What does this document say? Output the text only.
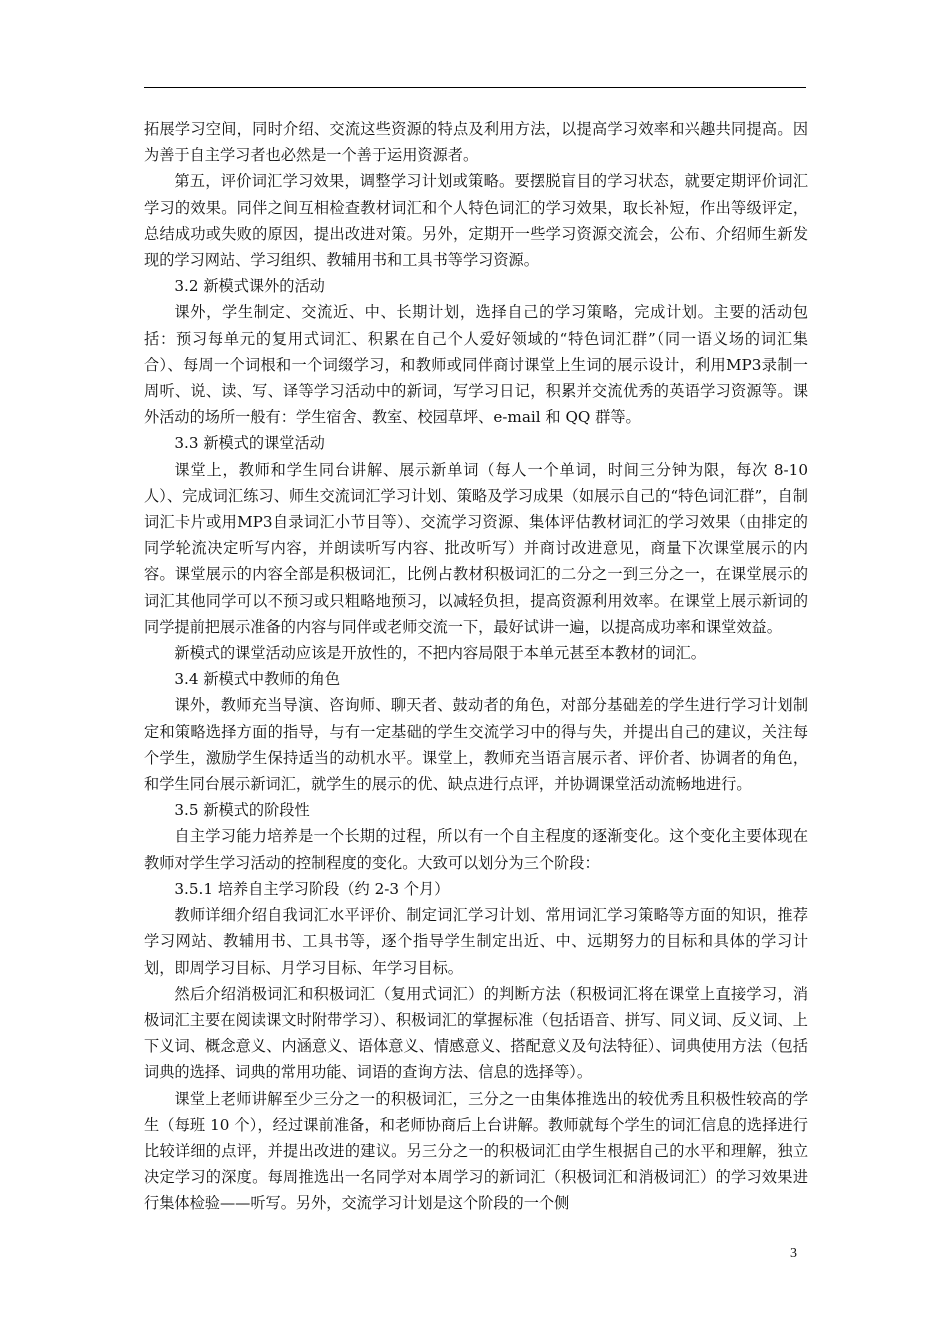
拓展学习空间，同时介绍、交流这些资源的特点及利用方法，以提高学习效率和兴趣共同提高。因为善于自主学习者也必然是一个善于运用资源者。

第五，评价词汇学习效果，调整学习计划或策略。要摆脱盲目的学习状态，就要定期评价词汇学习的效果。同伴之间互相检查教材词汇和个人特色词汇的学习效果，取长补短，作出等级评定，总结成功或失败的原因，提出改进对策。另外，定期开一些学习资源交流会，公布、介绍师生新发现的学习网站、学习组织、教辅用书和工具书等学习资源。

3.2 新模式课外的活动

课外，学生制定、交流近、中、长期计划，选择自己的学习策略，完成计划。主要的活动包括：预习每单元的复用式词汇、积累在自己个人爱好领域的“特色词汇群”（同一语义场的词汇集合）、每周一个词根和一个词缀学习，和教师或同伴商讨课堂上生词的展示设计，利用MP3录制一周听、说、读、写、译等学习活动中的新词，写学习日记，积累并交流优秀的英语学习资源等。课外活动的场所一般有：学生宿舍、教室、校园草坪、e-mail 和 QQ 群等。

3.3 新模式的课堂活动

课堂上，教师和学生同台讲解、展示新单词（每人一个单词，时间三分钟为限，每次 8-10 人）、完成词汇练习、师生交流词汇学习计划、策略及学习成果（如展示自己的“特色词汇群”，自制词汇卡片或用MP3自录词汇小节目等）、交流学习资源、集体评估教材词汇的学习效果（由排定的同学轮流决定听写内容，并朗读听写内容、批改听写）并商讨改进意见，商量下次课堂展示的内容。课堂展示的内容全部是积极词汇，比例占教材积极词汇的二分之一到三分之一，在课堂展示的词汇其他同学可以不预习或只粗略地预习，以减轻负担，提高资源利用效率。在课堂上展示新词的同学提前把展示准备的内容与同伴或老师交流一下，最好试讲一遍，以提高成功率和课堂效益。

新模式的课堂活动应该是开放性的，不把内容局限于本单元甚至本教材的词汇。

3.4 新模式中教师的角色

课外，教师充当导演、咨询师、聊天者、鼓动者的角色，对部分基础差的学生进行学习计划制定和策略选择方面的指导，与有一定基础的学生交流学习中的得与失，并提出自己的建议，关注每个学生，激励学生保持适当的动机水平。课堂上，教师充当语言展示者、评价者、协调者的角色，和学生同台展示新词汇，就学生的展示的优、缺点进行点评，并协调课堂活动流畅地进行。

3.5 新模式的阶段性

自主学习能力培养是一个长期的过程，所以有一个自主程度的逐渐变化。这个变化主要体现在教师对学生学习活动的控制程度的变化。大致可以划分为三个阶段：

3.5.1 培养自主学习阶段（约 2-3 个月）

教师详细介绍自我词汇水平评价、制定词汇学习计划、常用词汇学习策略等方面的知识，推荐学习网站、教辅用书、工具书等，逐个指导学生制定出近、中、远期努力的目标和具体的学习计划，即周学习目标、月学习目标、年学习目标。

然后介绍消极词汇和积极词汇（复用式词汇）的判断方法（积极词汇将在课堂上直接学习，消极词汇主要在阅读课文时附带学习）、积极词汇的掌握标准（包括语音、拼写、同义词、反义词、上下义词、概念意义、内涵意义、语体意义、情感意义、搭配意义及句法特征）、词典使用方法（包括词典的选择、词典的常用功能、词语的查询方法、信息的选择等）。

课堂上老师讲解至少三分之一的积极词汇，三分之一由集体推选出的较优秀且积极性较高的学生（每班 10 个），经过课前准备，和老师协商后上台讲解。教师就每个学生的词汇信息的选择进行比较详细的点评，并提出改进的建议。另三分之一的积极词汇由学生根据自己的水平和理解，独立决定学习的深度。每周推选出一名同学对本周学习的新词汇（积极词汇和消极词汇）的学习效果进行集体检验——听写。另外，交流学习计划是这个阶段的一个侧

3
